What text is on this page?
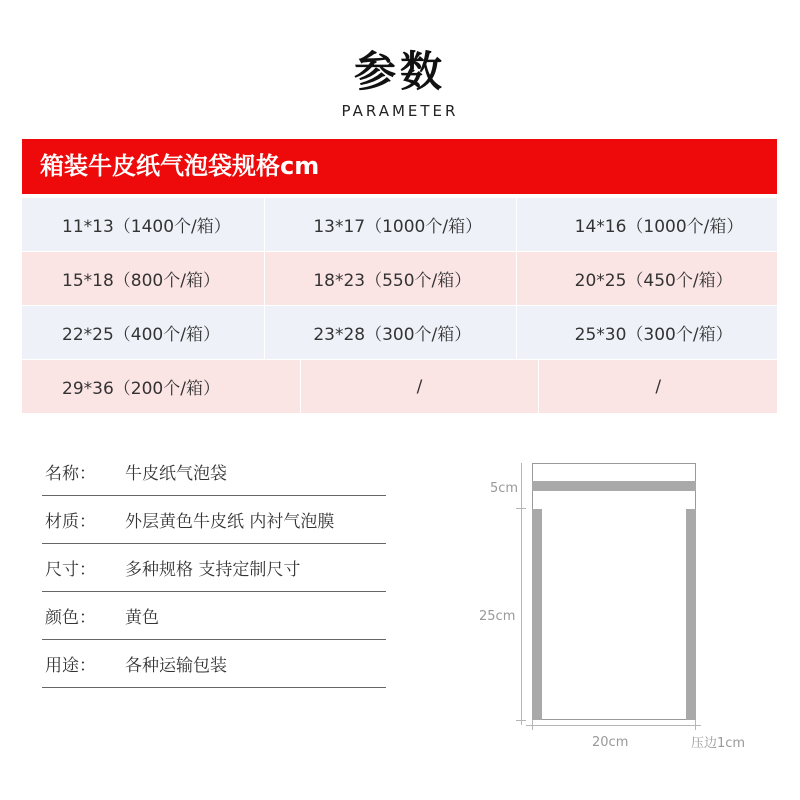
参数
PARAMETER
箱装牛皮纸气泡袋规格cm
11*13（1400个/箱）	13*17（1000个/箱）	14*16（1000个/箱）
15*18（800个/箱）	18*23（550个/箱）	20*25（450个/箱）
22*25（400个/箱）	23*28（300个/箱）	25*30（300个/箱）
29*36（200个/箱）	/	/
名称：	牛皮纸气泡袋
材质：	外层黄色牛皮纸 内衬气泡膜
尺寸：	多种规格 支持定制尺寸
颜色：	黄色
用途：	各种运输包装
5cm
25cm
20cm	压边1cm
